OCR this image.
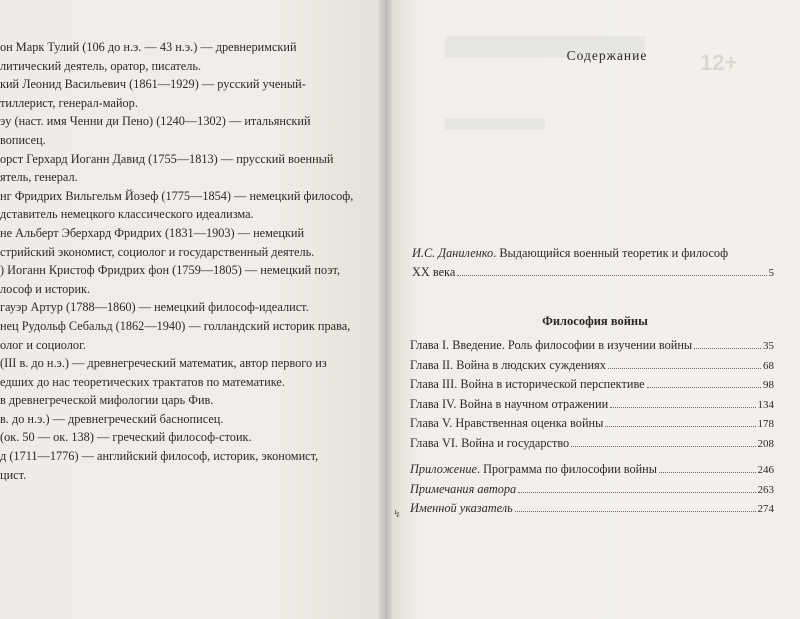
он Марк Тулий (106 до н.э. — 43 н.э.) — древнеримский
литический деятель, оратор, писатель.
кий Леонид Васильевич (1861—1929) — русский ученый-
тиллерист, генерал-майор.
эу (наст. имя Ченни ди Пено) (1240—1302) — итальянский
вописец.
орст Герхард Иоганн Давид (1755—1813) — прусский военный
ятель, генерал.
нг Фридрих Вильгельм Йозеф (1775—1854) — немецкий философ,
дставитель немецкого классического идеализма.
не Альберт Эберхард Фридрих (1831—1903) — немецкий
стрийский экономист, социолог и государственный деятель.
) Иоганн Кристоф Фридрих фон (1759—1805) — немецкий поэт,
лософ и историк.
гауэр Артур (1788—1860) — немецкий философ-идеалист.
нец Рудольф Себальд (1862—1940) — голландский историк права,
олог и социолог.
(III в. до н.э.) — древнегреческий математик, автор первого из
едших до нас теоретических трактатов по математике.
в древнегреческой мифологии царь Фив.
в. до н.э.) — древнегреческий баснописец.
(ок. 50 — ок. 138) — греческий философ-стоик.
д (1711—1776) — английский философ, историк, экономист,
цист.
12+
Содержание
И.С. Даниленко. Выдающийся военный теоретик и философ
XX века	5
Философия войны
Глава I. Введение. Роль философии в изучении войны	35
Глава II. Война в людских суждениях	68
Глава III. Война в исторической перспективе	98
Глава IV. Война в научном отражении	134
Глава V. Нравственная оценка войны	178
Глава VI. Война и государство	208
Приложение. Программа по философии войны	246
Примечания автора	263
Именной указатель	274
↯
